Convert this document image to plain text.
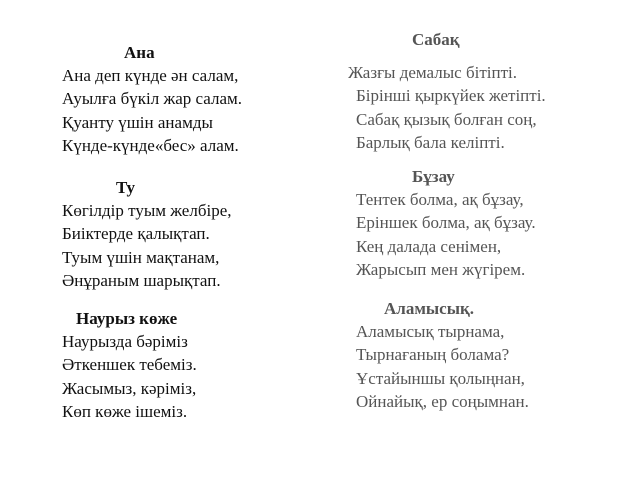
Ана
Ана деп күнде ән салам,
Ауылға бүкіл жар салам.
Қуанту үшін анамды
Күнде-күнде«бес» алам.
Ту
Көгілдір туым желбіре,
Биіктерде қалықтап.
Туым үшін мақтанам,
Әнұраным шарықтап.
Наурыз көже
Наурызда бәріміз
Әткеншек тебеміз.
Жасымыз, кәріміз,
Көп көже ішеміз.
Сабақ
Жазғы демалыс бітіпті.
Бірінші қыркүйек жетіпті.
Сабақ қызық болған соң,
Барлық бала келіпті.
Бұзау
Тентек болма, ақ бұзау,
Еріншек болма, ақ бұзау.
Кең далада сенімен,
Жарысып мен жүгірем.
Аламысық.
Аламысық тырнама,
Тырнағаның болама?
Ұстайыншы қолыңнан,
Ойнайық, ер соңымнан.
